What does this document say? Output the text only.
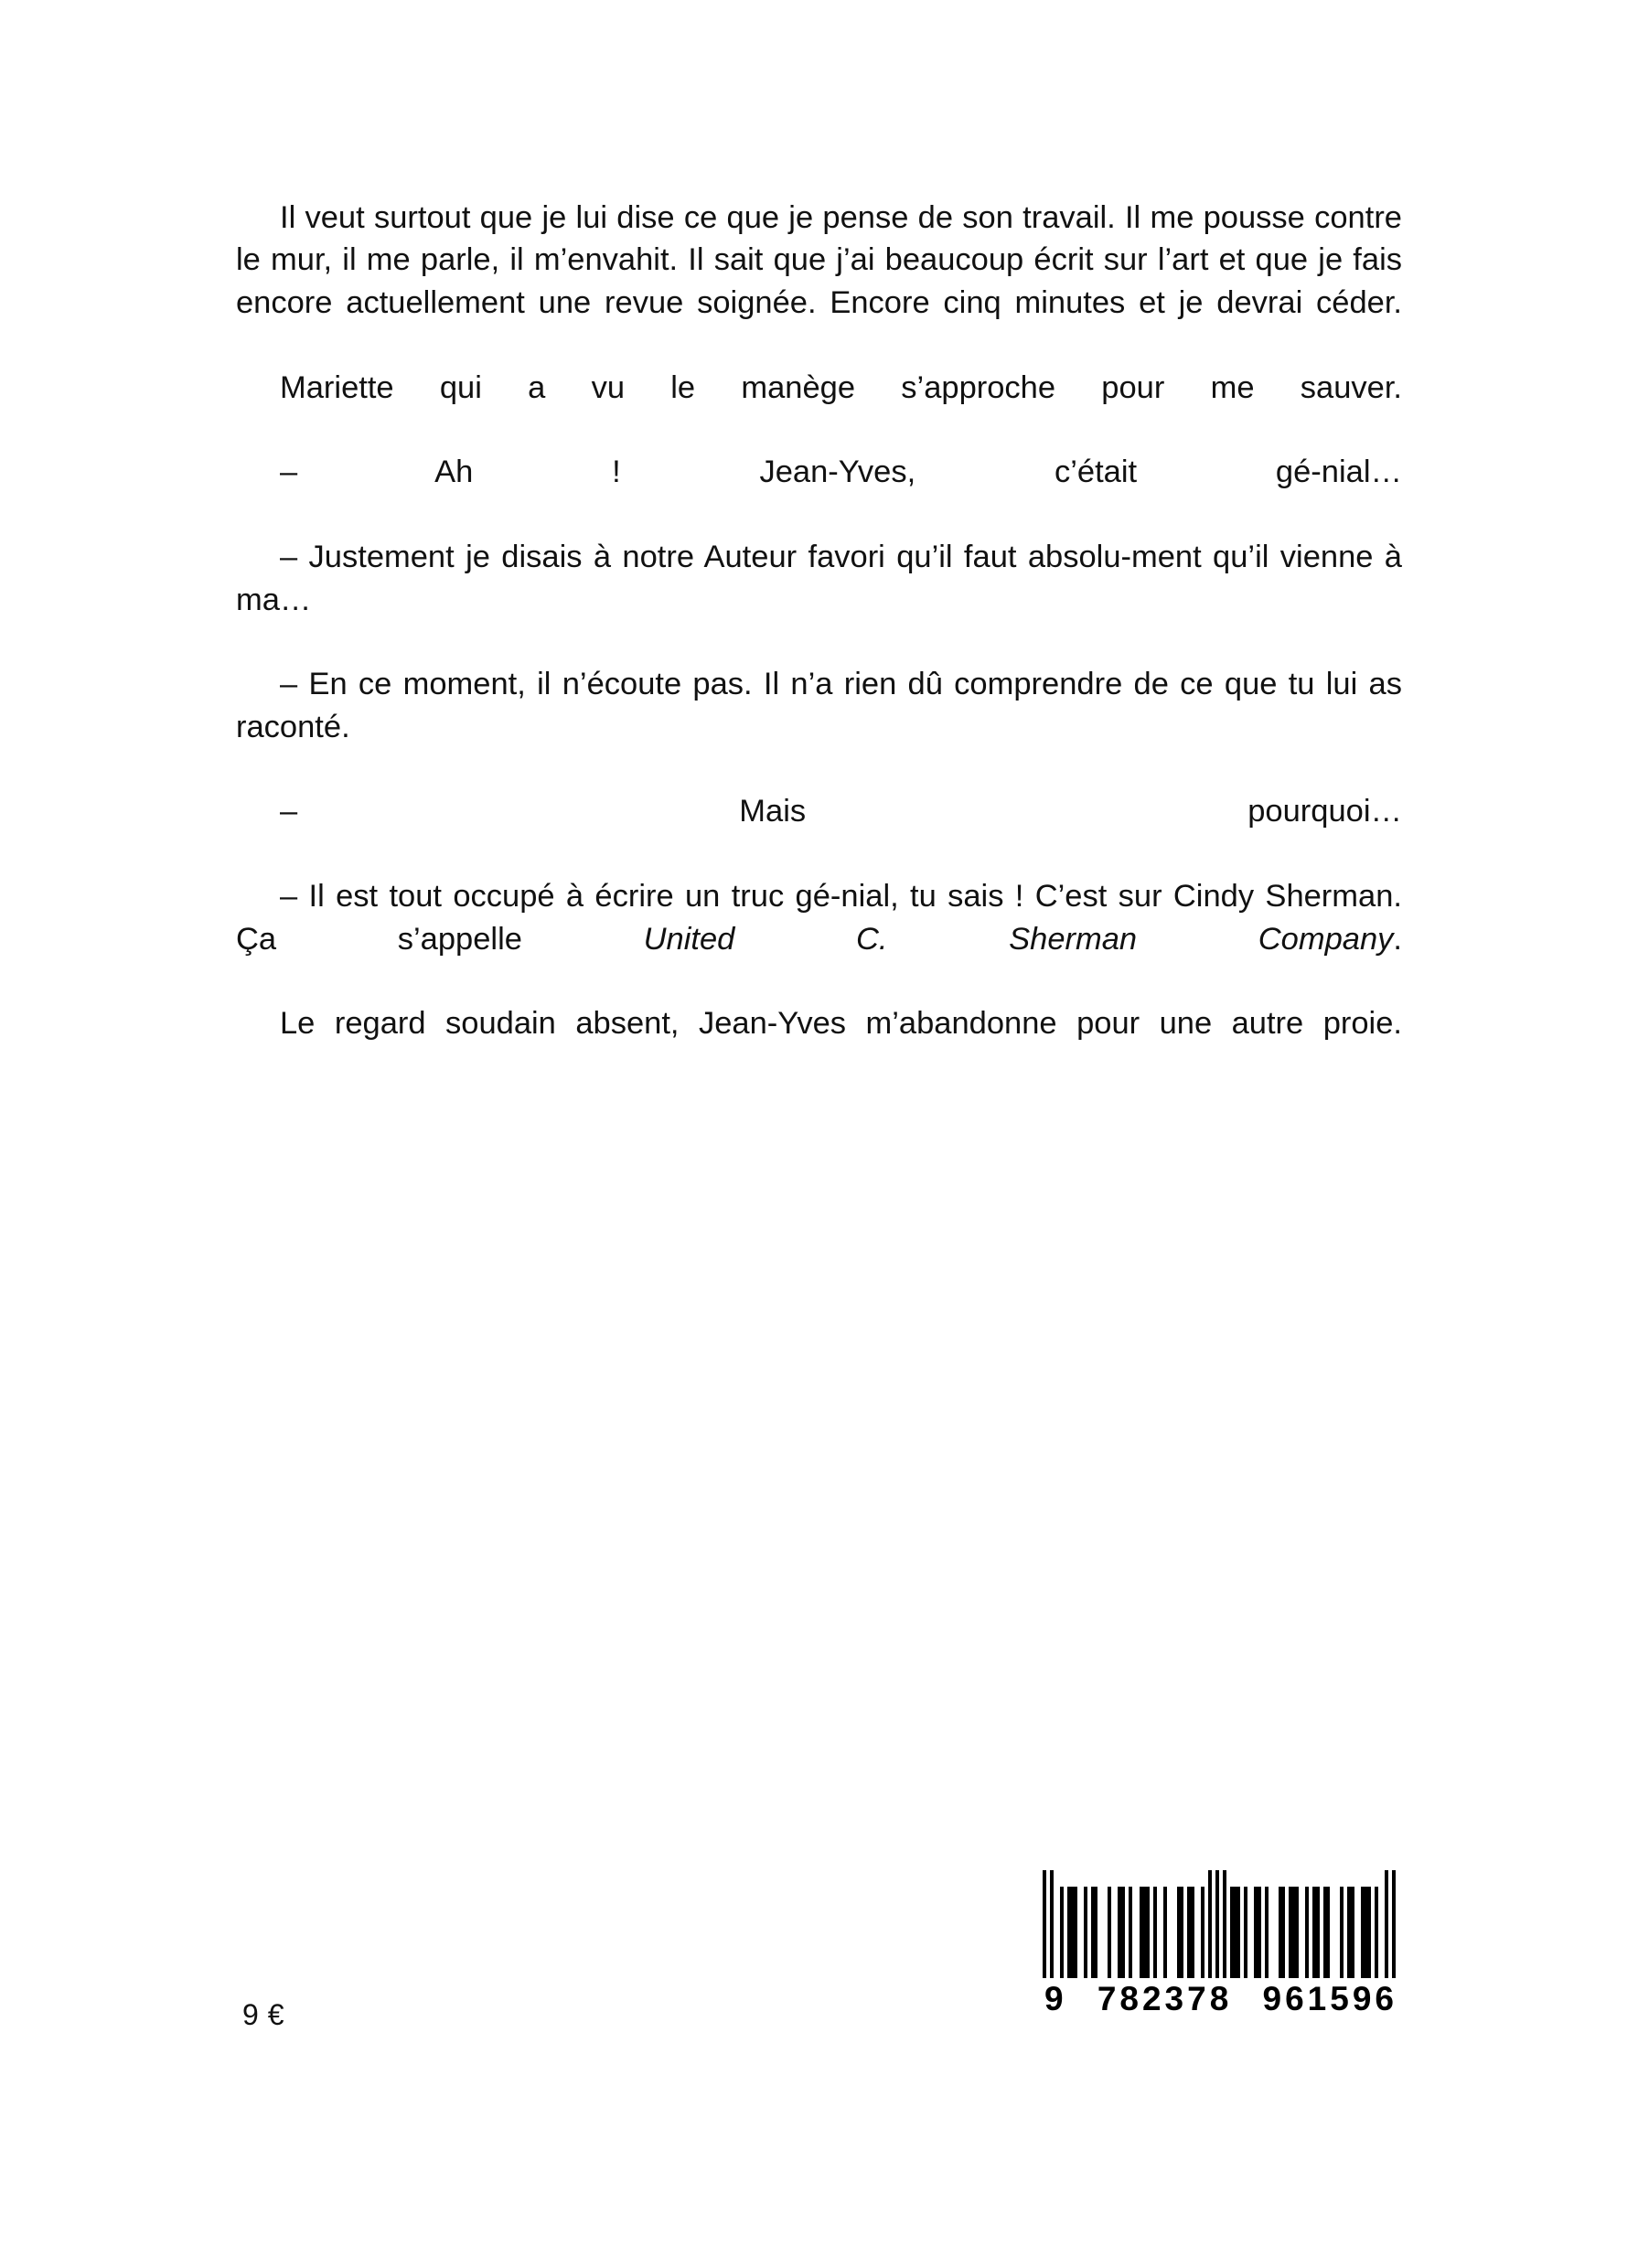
Il veut surtout que je lui dise ce que je pense de son travail. Il me pousse contre le mur, il me parle, il m’envahit. Il sait que j’ai beaucoup écrit sur l’art et que je fais encore actuellement une revue soignée. Encore cinq minutes et je devrai céder.

Mariette qui a vu le manège s’approche pour me sauver.

– Ah ! Jean-Yves, c’était gé-nial…

– Justement je disais à notre Auteur favori qu’il faut absolu-ment qu’il vienne à ma…

– En ce moment, il n’écoute pas. Il n’a rien dû comprendre de ce que tu lui as raconté.

– Mais pourquoi…

– Il est tout occupé à écrire un truc gé-nial, tu sais ! C’est sur Cindy Sherman. Ça s’appelle United C. Sherman Company.

Le regard soudain absent, Jean-Yves m’abandonne pour une autre proie.

9 €	9 782378 961596
